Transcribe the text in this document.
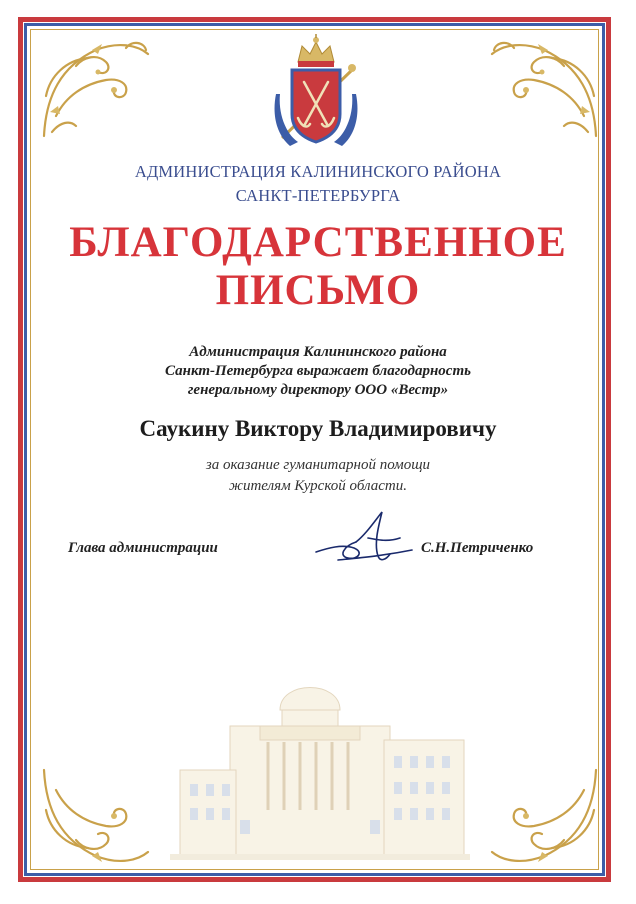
АДМИНИСТРАЦИЯ КАЛИНИНСКОГО РАЙОНА
САНКТ-ПЕТЕРБУРГА
БЛАГОДАРСТВЕННОЕ
ПИСЬМО
Администрация Калининского района
Санкт-Петербурга выражает благодарность
генеральному директору ООО «Вестр»
Саукину Виктору Владимировичу
за оказание гуманитарной помощи
жителям Курской области.
Глава администрации	С.Н.Петриченко
